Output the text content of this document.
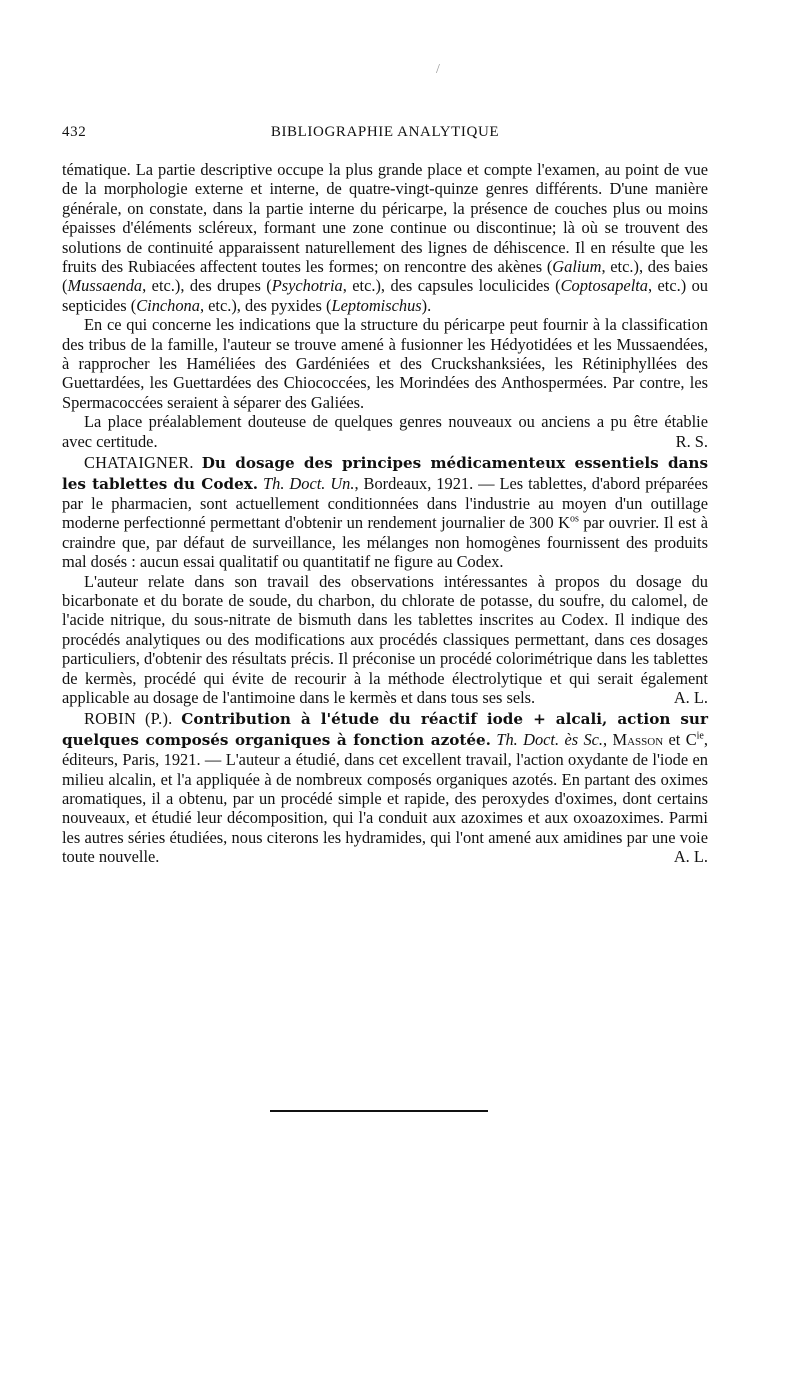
/
432	BIBLIOGRAPHIE ANALYTIQUE

tématique. La partie descriptive occupe la plus grande place et compte l'examen, au point de vue de la morphologie externe et interne, de quatre-vingt-quinze genres différents. D'une manière générale, on constate, dans la partie interne du péricarpe, la présence de couches plus ou moins épaisses d'éléments scléreux, formant une zone continue ou discontinue; là où se trouvent des solutions de continuité apparaissent naturellement des lignes de déhiscence. Il en résulte que les fruits des Rubiacées affectent toutes les formes; on rencontre des akènes (Galium, etc.), des baies (Mussaenda, etc.), des drupes (Psychotria, etc.), des capsules loculicides (Coptosapelta, etc.) ou septicides (Cinchona, etc.), des pyxides (Leptomischus).

En ce qui concerne les indications que la structure du péricarpe peut fournir à la classification des tribus de la famille, l'auteur se trouve amené à fusionner les Hédyotidées et les Mussaendées, à rapprocher les Haméliées des Gardéniées et des Cruckshanksiées, les Rétiniphyllées des Guettardées, les Guettardées des Chiococcées, les Morindées des Anthospermées. Par contre, les Spermacoccées seraient à séparer des Galiées.

La place préalablement douteuse de quelques genres nouveaux ou anciens a pu être établie avec certitude.	R. S.

CHATAIGNER. Du dosage des principes médicamenteux essentiels dans les tablettes du Codex. Th. Doct. Un., Bordeaux, 1921. — Les tablettes, d'abord préparées par le pharmacien, sont actuellement conditionnées dans l'industrie au moyen d'un outillage moderne perfectionné permettant d'obtenir un rendement journalier de 300 $K^{os}$ par ouvrier. Il est à craindre que, par défaut de surveillance, les mélanges non homogènes fournissent des produits mal dosés : aucun essai qualitatif ou quantitatif ne figure au Codex.

L'auteur relate dans son travail des observations intéressantes à propos du dosage du bicarbonate et du borate de soude, du charbon, du chlorate de potasse, du soufre, du calomel, de l'acide nitrique, du sous-nitrate de bismuth dans les tablettes inscrites au Codex. Il indique des procédés analytiques ou des modifications aux procédés classiques permettant, dans ces dosages particuliers, d'obtenir des résultats précis. Il préconise un procédé colorimétrique dans les tablettes de kermès, procédé qui évite de recourir à la méthode électrolytique et qui serait également applicable au dosage de l'antimoine dans le kermès et dans tous ses sels.	A. L.

ROBIN (P.). Contribution à l'étude du réactif iode + alcali, action sur quelques composés organiques à fonction azotée. Th. Doct. ès Sc., Masson et $C^{ie}$, éditeurs, Paris, 1921. — L'auteur a étudié, dans cet excellent travail, l'action oxydante de l'iode en milieu alcalin, et l'a appliquée à de nombreux composés organiques azotés. En partant des oximes aromatiques, il a obtenu, par un procédé simple et rapide, des peroxydes d'oximes, dont certains nouveaux, et étudié leur décomposition, qui l'a conduit aux azoximes et aux oxoazoximes. Parmi les autres séries étudiées, nous citerons les hydramides, qui l'ont amené aux amidines par une voie toute nouvelle.	A. L.
